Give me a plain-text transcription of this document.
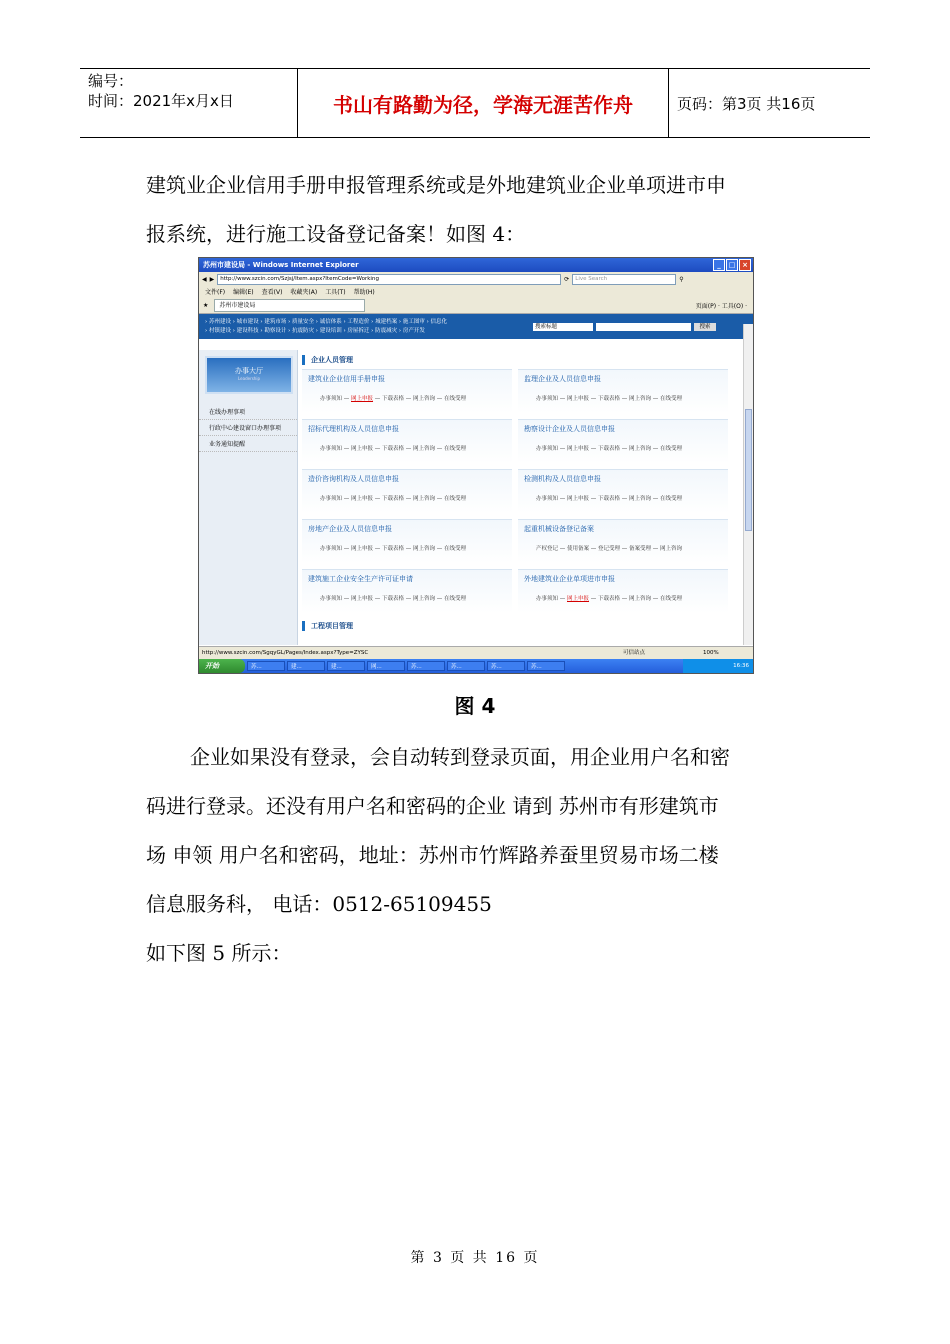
编号：
时间：2021年x月x日	书山有路勤为径，学海无涯苦作舟	页码：第3页 共16页
建筑业企业信用手册申报管理系统或是外地建筑业企业单项进市申
报系统，进行施工设备登记备案！如图 4：
苏州市建设局 - Windows Internet Explorer	_	□ ×
◀ ▶	http://www.szcin.com/Szjsj/Item.aspx?ItemCode=Working	⟳	Live Search	⚲
文件(F) 编辑(E) 查看(V) 收藏夹(A) 工具(T) 帮助(H)
★	苏州市建设局	页面(P) · 工具(O) ·
› 苏州建设 › 城市建设 › 建筑市场 › 质量安全 › 诚信体系 › 工程造价 › 城建档案 › 施工图审 › 信息化
› 村镇建设 › 建设科技 › 勘察设计 › 抗震防灾 › 建设培训 › 房屋拆迁 › 防震减灾 › 房产开发
搜索标题	搜索
办事大厅
Leadership
在线办理事项
行政中心建设窗口办理事项
业务通知提醒
企业人员管理
建筑业企业信用手册申报
办事须知 — 网上申报 — 下载表格 — 网上咨询 — 在线受理
监理企业及人员信息申报
办事须知 — 网上申报 — 下载表格 — 网上咨询 — 在线受理
招标代理机构及人员信息申报
办事须知 — 网上申报 — 下载表格 — 网上咨询 — 在线受理
勘察设计企业及人员信息申报
办事须知 — 网上申报 — 下载表格 — 网上咨询 — 在线受理
造价咨询机构及人员信息申报
办事须知 — 网上申报 — 下载表格 — 网上咨询 — 在线受理
检测机构及人员信息申报
办事须知 — 网上申报 — 下载表格 — 网上咨询 — 在线受理
房地产企业及人员信息申报
办事须知 — 网上申报 — 下载表格 — 网上咨询 — 在线受理
起重机械设备登记备案
产权登记 — 使用备案 — 登记受理 — 备案受理 — 网上咨询
建筑施工企业安全生产许可证申请
办事须知 — 网上申报 — 下载表格 — 网上咨询 — 在线受理
外地建筑业企业单项进市申报
办事须知 — 网上申报 — 下载表格 — 网上咨询 — 在线受理
工程项目管理
http://www.szcin.com/SgqyGL/Pages/Index.aspx?Type=ZYSC	可信站点	100%
开始	苏...	建...	建...	网...	苏...	苏...	苏...	苏...	16:36
图 4
企业如果没有登录，会自动转到登录页面，用企业用户名和密
码进行登录。还没有用户名和密码的企业 请到 苏州市有形建筑市
场 申领 用户名和密码，地址：苏州市竹辉路养蚕里贸易市场二楼
信息服务科， 电话：0512-65109455
如下图 5 所示：
第 3 页 共 16 页
